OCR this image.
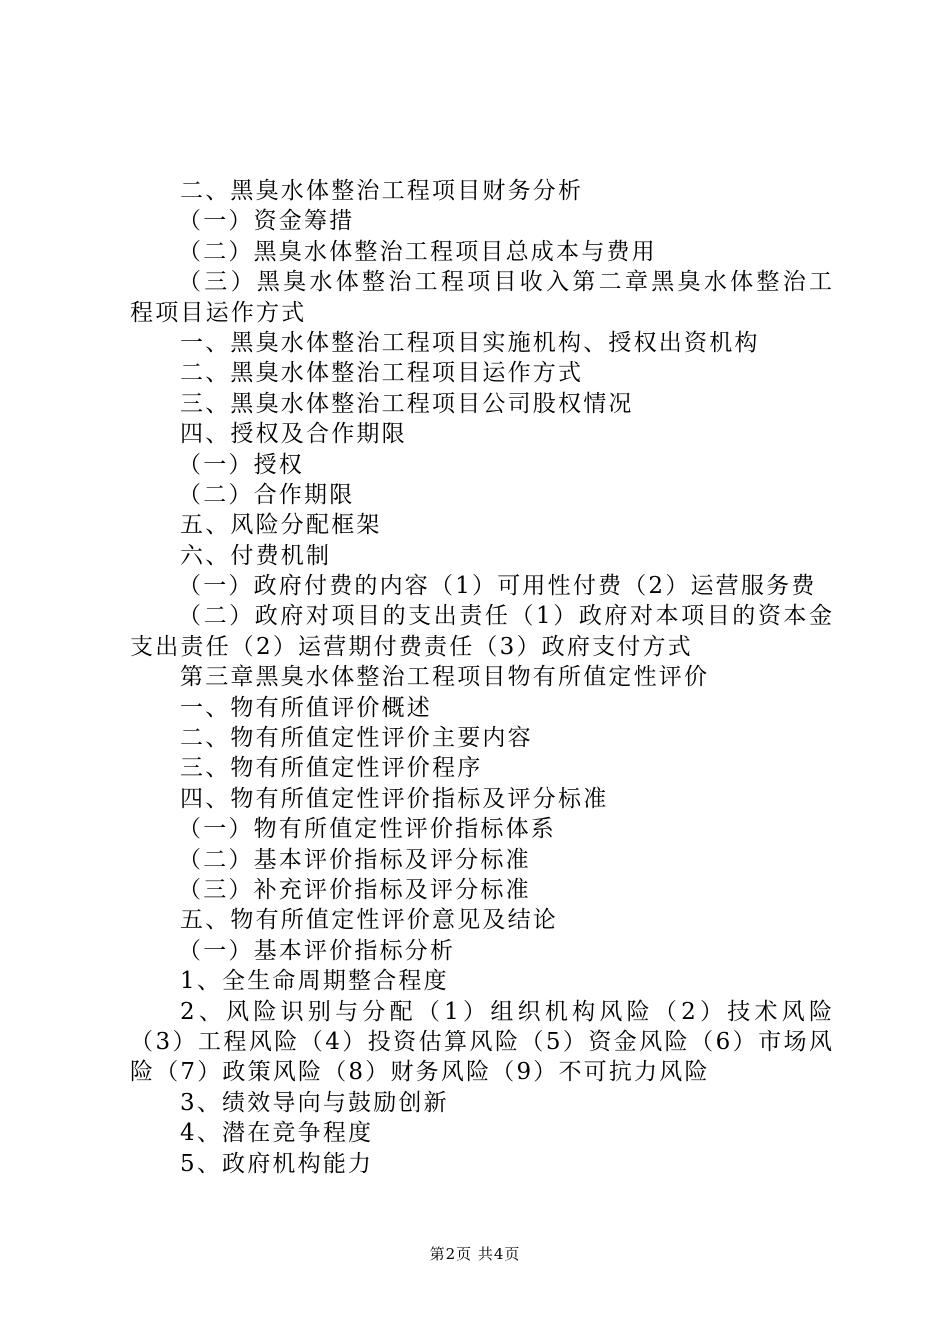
二、黑臭水体整治工程项目财务分析
（一）资金筹措
（二）黑臭水体整治工程项目总成本与费用
（三）黑臭水体整治工程项目收入第二章黑臭水体整治工
程项目运作方式
一、黑臭水体整治工程项目实施机构、授权出资机构
二、黑臭水体整治工程项目运作方式
三、黑臭水体整治工程项目公司股权情况
四、授权及合作期限
（一）授权
（二）合作期限
五、风险分配框架
六、付费机制
（一）政府付费的内容（1）可用性付费（2）运营服务费
（二）政府对项目的支出责任（1）政府对本项目的资本金
支出责任（2）运营期付费责任（3）政府支付方式
第三章黑臭水体整治工程项目物有所值定性评价
一、物有所值评价概述
二、物有所值定性评价主要内容
三、物有所值定性评价程序
四、物有所值定性评价指标及评分标准
（一）物有所值定性评价指标体系
（二）基本评价指标及评分标准
（三）补充评价指标及评分标准
五、物有所值定性评价意见及结论
（一）基本评价指标分析
1、全生命周期整合程度
2、风险识别与分配（1）组织机构风险（2）技术风险
（3）工程风险（4）投资估算风险（5）资金风险（6）市场风
险（7）政策风险（8）财务风险（9）不可抗力风险
3、绩效导向与鼓励创新
4、潜在竞争程度
5、政府机构能力
第2页 共4页
